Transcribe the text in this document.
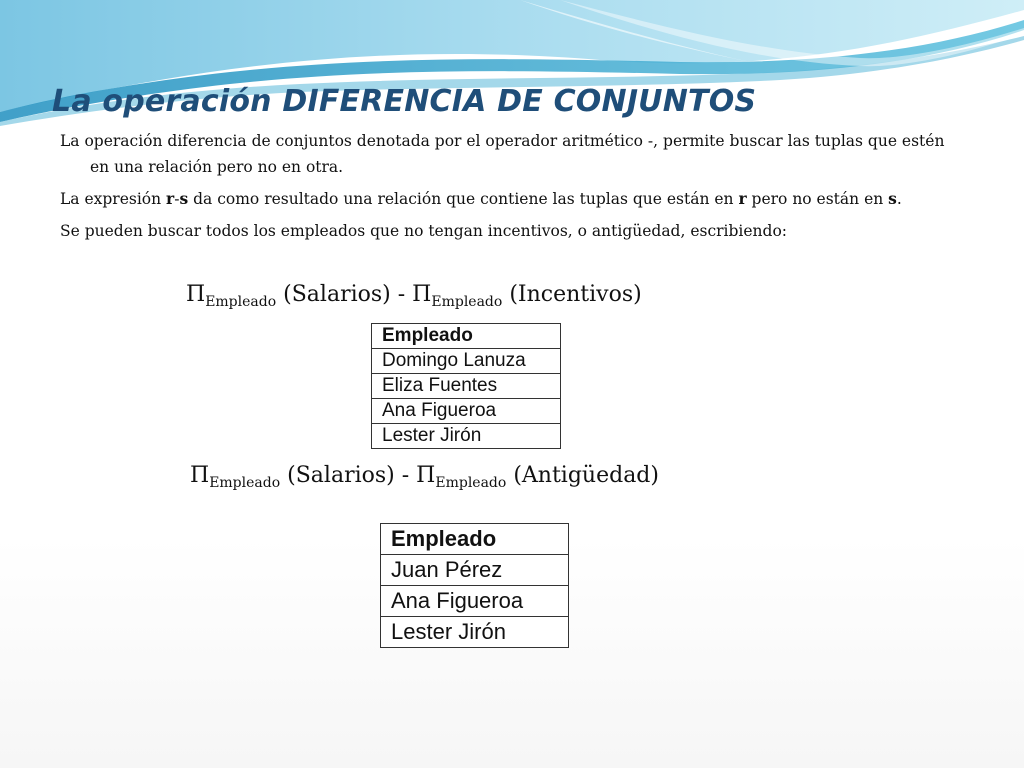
La operación DIFERENCIA DE CONJUNTOS

La operación diferencia de conjuntos denotada por el operador aritmético -, permite buscar las tuplas que estén en una relación pero no en otra.

La expresión r-s da como resultado una relación que contiene las tuplas que están en r pero no están en s.

Se pueden buscar todos los empleados que no tengan incentivos, o antigüedad, escribiendo:

$\Pi_{Empleado}$ (Salarios) - $\Pi_{Empleado}$ (Incentivos)
Empleado
Domingo Lanuza
Eliza Fuentes
Ana Figueroa
Lester Jirón
$\Pi_{Empleado}$ (Salarios) - $\Pi_{Empleado}$ (Antigüedad)
Empleado
Juan Pérez
Ana Figueroa
Lester Jirón
